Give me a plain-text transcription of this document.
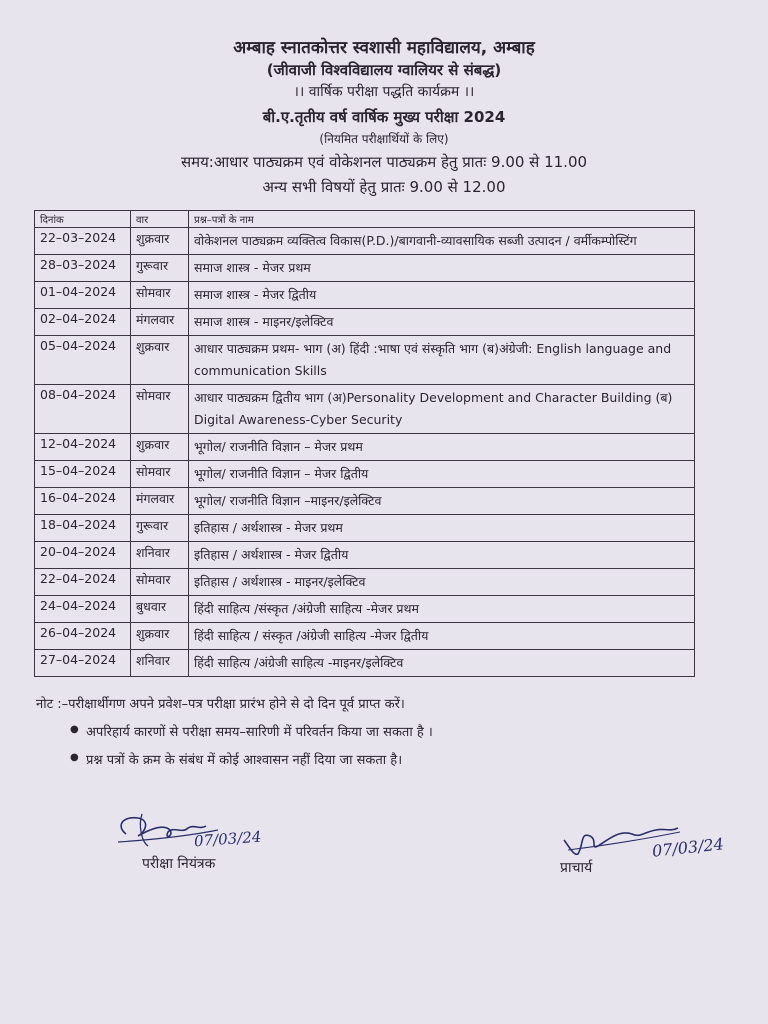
अम्बाह स्नातकोत्तर स्वशासी महाविद्यालय, अम्बाह
(जीवाजी विश्वविद्यालय ग्वालियर से संबद्ध)
।। वार्षिक परीक्षा पद्धति कार्यक्रम ।।
बी.ए.तृतीय वर्ष वार्षिक मुख्य परीक्षा 2024
(नियमित परीक्षार्थियों के लिए)
समय:आधार पाठ्यक्रम एवं वोकेशनल पाठ्यक्रम हेतु प्रातः 9.00 से 11.00
अन्य सभी विषयों हेतु प्रातः 9.00 से 12.00
दिनांक	वार	प्रश्न–पत्रों के नाम
22–03–2024	शुक्रवार	वोकेशनल पाठ्यक्रम व्यक्तित्व विकास(P.D.)/बागवानी-व्यावसायिक सब्जी उत्पादन / वर्मीकम्पोस्टिंग
28–03–2024	गुरूवार	समाज शास्त्र - मेजर प्रथम
01–04–2024	सोमवार	समाज शास्त्र - मेजर द्वितीय
02–04–2024	मंगलवार	समाज शास्त्र - माइनर/इलेक्टिव
05–04–2024	शुक्रवार	आधार पाठ्यक्रम प्रथम- भाग (अ) हिंदी :भाषा एवं संस्कृति भाग (ब)अंग्रेजी: English language and communication Skills
08–04–2024	सोमवार	आधार पाठ्यक्रम द्वितीय भाग (अ)Personality Development and Character Building (ब) Digital Awareness-Cyber Security
12–04–2024	शुक्रवार	भूगोल/ राजनीति विज्ञान – मेजर प्रथम
15–04–2024	सोमवार	भूगोल/ राजनीति विज्ञान – मेजर द्वितीय
16–04–2024	मंगलवार	भूगोल/ राजनीति विज्ञान –माइनर/इलेक्टिव
18–04–2024	गुरूवार	इतिहास / अर्थशास्त्र - मेजर प्रथम
20–04–2024	शनिवार	इतिहास / अर्थशास्त्र - मेजर द्वितीय
22–04–2024	सोमवार	इतिहास / अर्थशास्त्र - माइनर/इलेक्टिव
24–04–2024	बुधवार	हिंदी साहित्य /संस्कृत /अंग्रेजी साहित्य -मेजर प्रथम
26–04–2024	शुक्रवार	हिंदी साहित्य / संस्कृत /अंग्रेजी साहित्य -मेजर द्वितीय
27–04–2024	शनिवार	हिंदी साहित्य /अंग्रेजी साहित्य -माइनर/इलेक्टिव
नोट :–परीक्षार्थीगण अपने प्रवेश–पत्र परीक्षा प्रारंभ होने से दो दिन पूर्व प्राप्त करें।
● अपरिहार्य कारणों से परीक्षा समय–सारिणी में परिवर्तन किया जा सकता है ।
● प्रश्न पत्रों के क्रम के संबंध में कोई आश्वासन नहीं दिया जा सकता है।
07/03/24
परीक्षा नियंत्रक
07/03/24
प्राचार्य
